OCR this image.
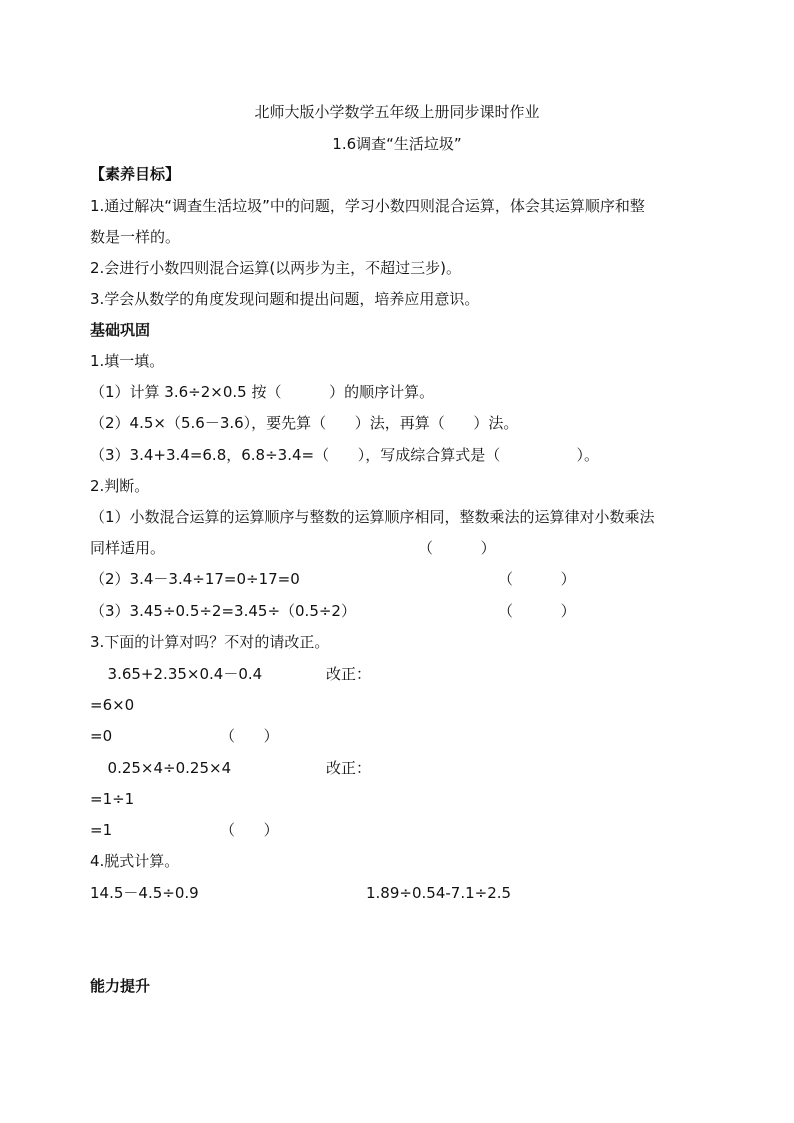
北师大版小学数学五年级上册同步课时作业
1.6调查“生活垃圾”
【素养目标】
1.通过解决“调查生活垃圾”中的问题，学习小数四则混合运算，体会其运算顺序和整
数是一样的。
2.会进行小数四则混合运算(以两步为主，不超过三步)。
3.学会从数学的角度发现问题和提出问题，培养应用意识。
基础巩固
1.填一填。
（1）计算 3.6÷2×0.5 按（          ）的顺序计算。
（2）4.5×（5.6－3.6），要先算（      ）法，再算（      ）法。
（3）3.4+3.4=6.8，6.8÷3.4=（      ），写成综合算式是（                ）。
2.判断。
（1）小数混合运算的运算顺序与整数的运算顺序相同，整数乘法的运算律对小数乘法
同样适用。	（          ）
（2）3.4－3.4÷17=0÷17=0	（          ）
（3）3.45÷0.5÷2=3.45÷（0.5÷2）	（          ）
3.下面的计算对吗？不对的请改正。
3.65+2.35×0.4－0.4	改正：
=6×0
=0	（      ）
0.25×4÷0.25×4	改正：
=1÷1
=1	（      ）
4.脱式计算。
14.5－4.5÷0.9	1.89÷0.54-7.1÷2.5
能力提升
